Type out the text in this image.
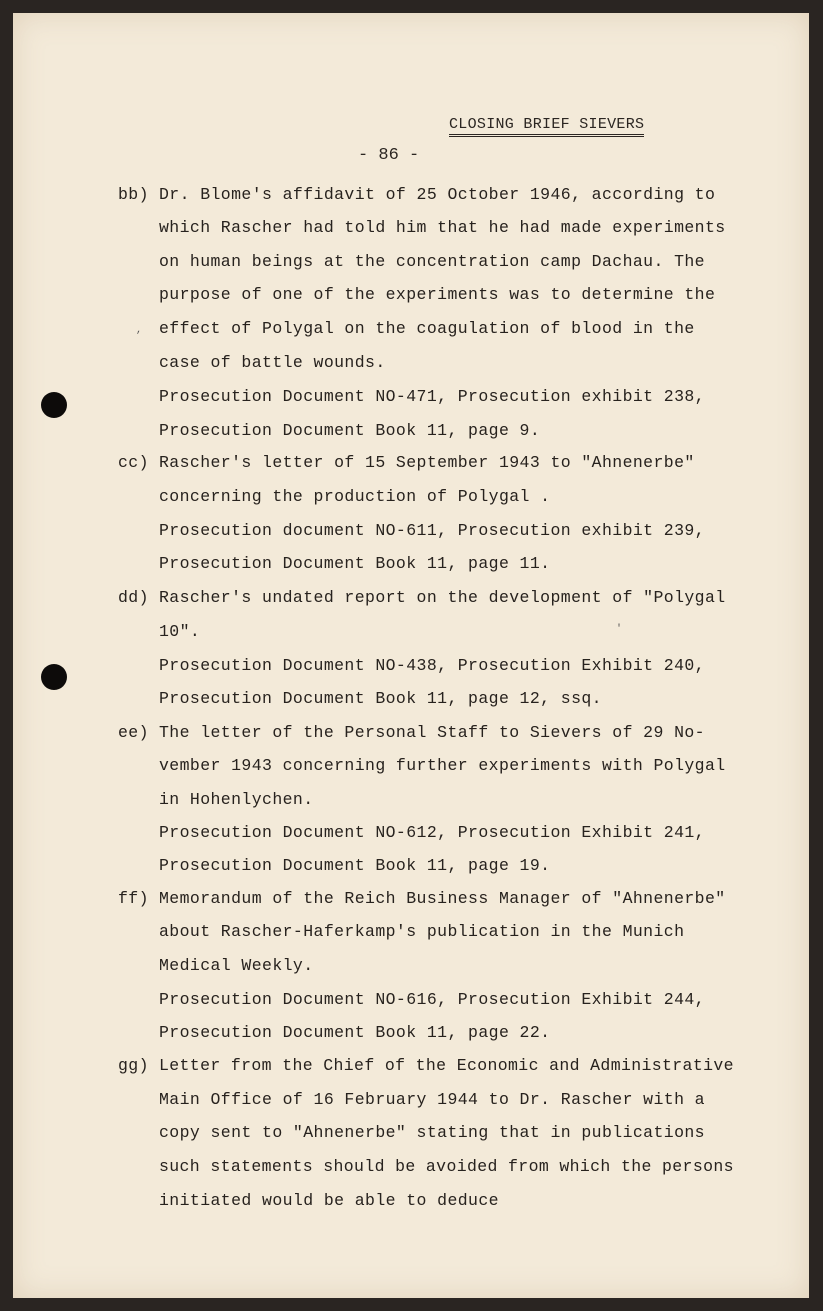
CLOSING BRIEF SIEVERS
- 86 -
bb) Dr. Blome's affidavit of 25 October 1946, according to
which Rascher had told him that he had made experiments
on human beings at the concentration camp Dachau. The
purpose of one of the experiments was to determine the
, effect of Polygal on the coagulation of blood in the
case of battle wounds.
Prosecution Document NO-471, Prosecution exhibit 238,
Prosecution Document Book 11, page 9.
cc) Rascher's letter of 15 September 1943 to "Ahnenerbe"
concerning the production of Polygal .
Prosecution document NO-611, Prosecution exhibit 239,
Prosecution Document Book 11, page 11.
dd) Rascher's undated report on the development of "Polygal
10".	'
Prosecution Document NO-438, Prosecution Exhibit 240,
Prosecution Document Book 11, page 12, ssq.
ee) The letter of the Personal Staff to Sievers of 29 No-
vember 1943 concerning further experiments with Polygal
in Hohenlychen.
Prosecution Document NO-612, Prosecution Exhibit 241,
Prosecution Document Book 11, page 19.
ff) Memorandum of the Reich Business Manager of "Ahnenerbe"
about Rascher-Haferkamp's publication in the Munich
Medical Weekly.
Prosecution Document NO-616, Prosecution Exhibit 244,
Prosecution Document Book 11, page 22.
gg) Letter from the Chief of the Economic and Administrative
Main Office of 16 February 1944 to Dr. Rascher with a
copy sent to "Ahnenerbe" stating that in publications
such statements should be avoided from which the persons
initiated would be able to deduce
